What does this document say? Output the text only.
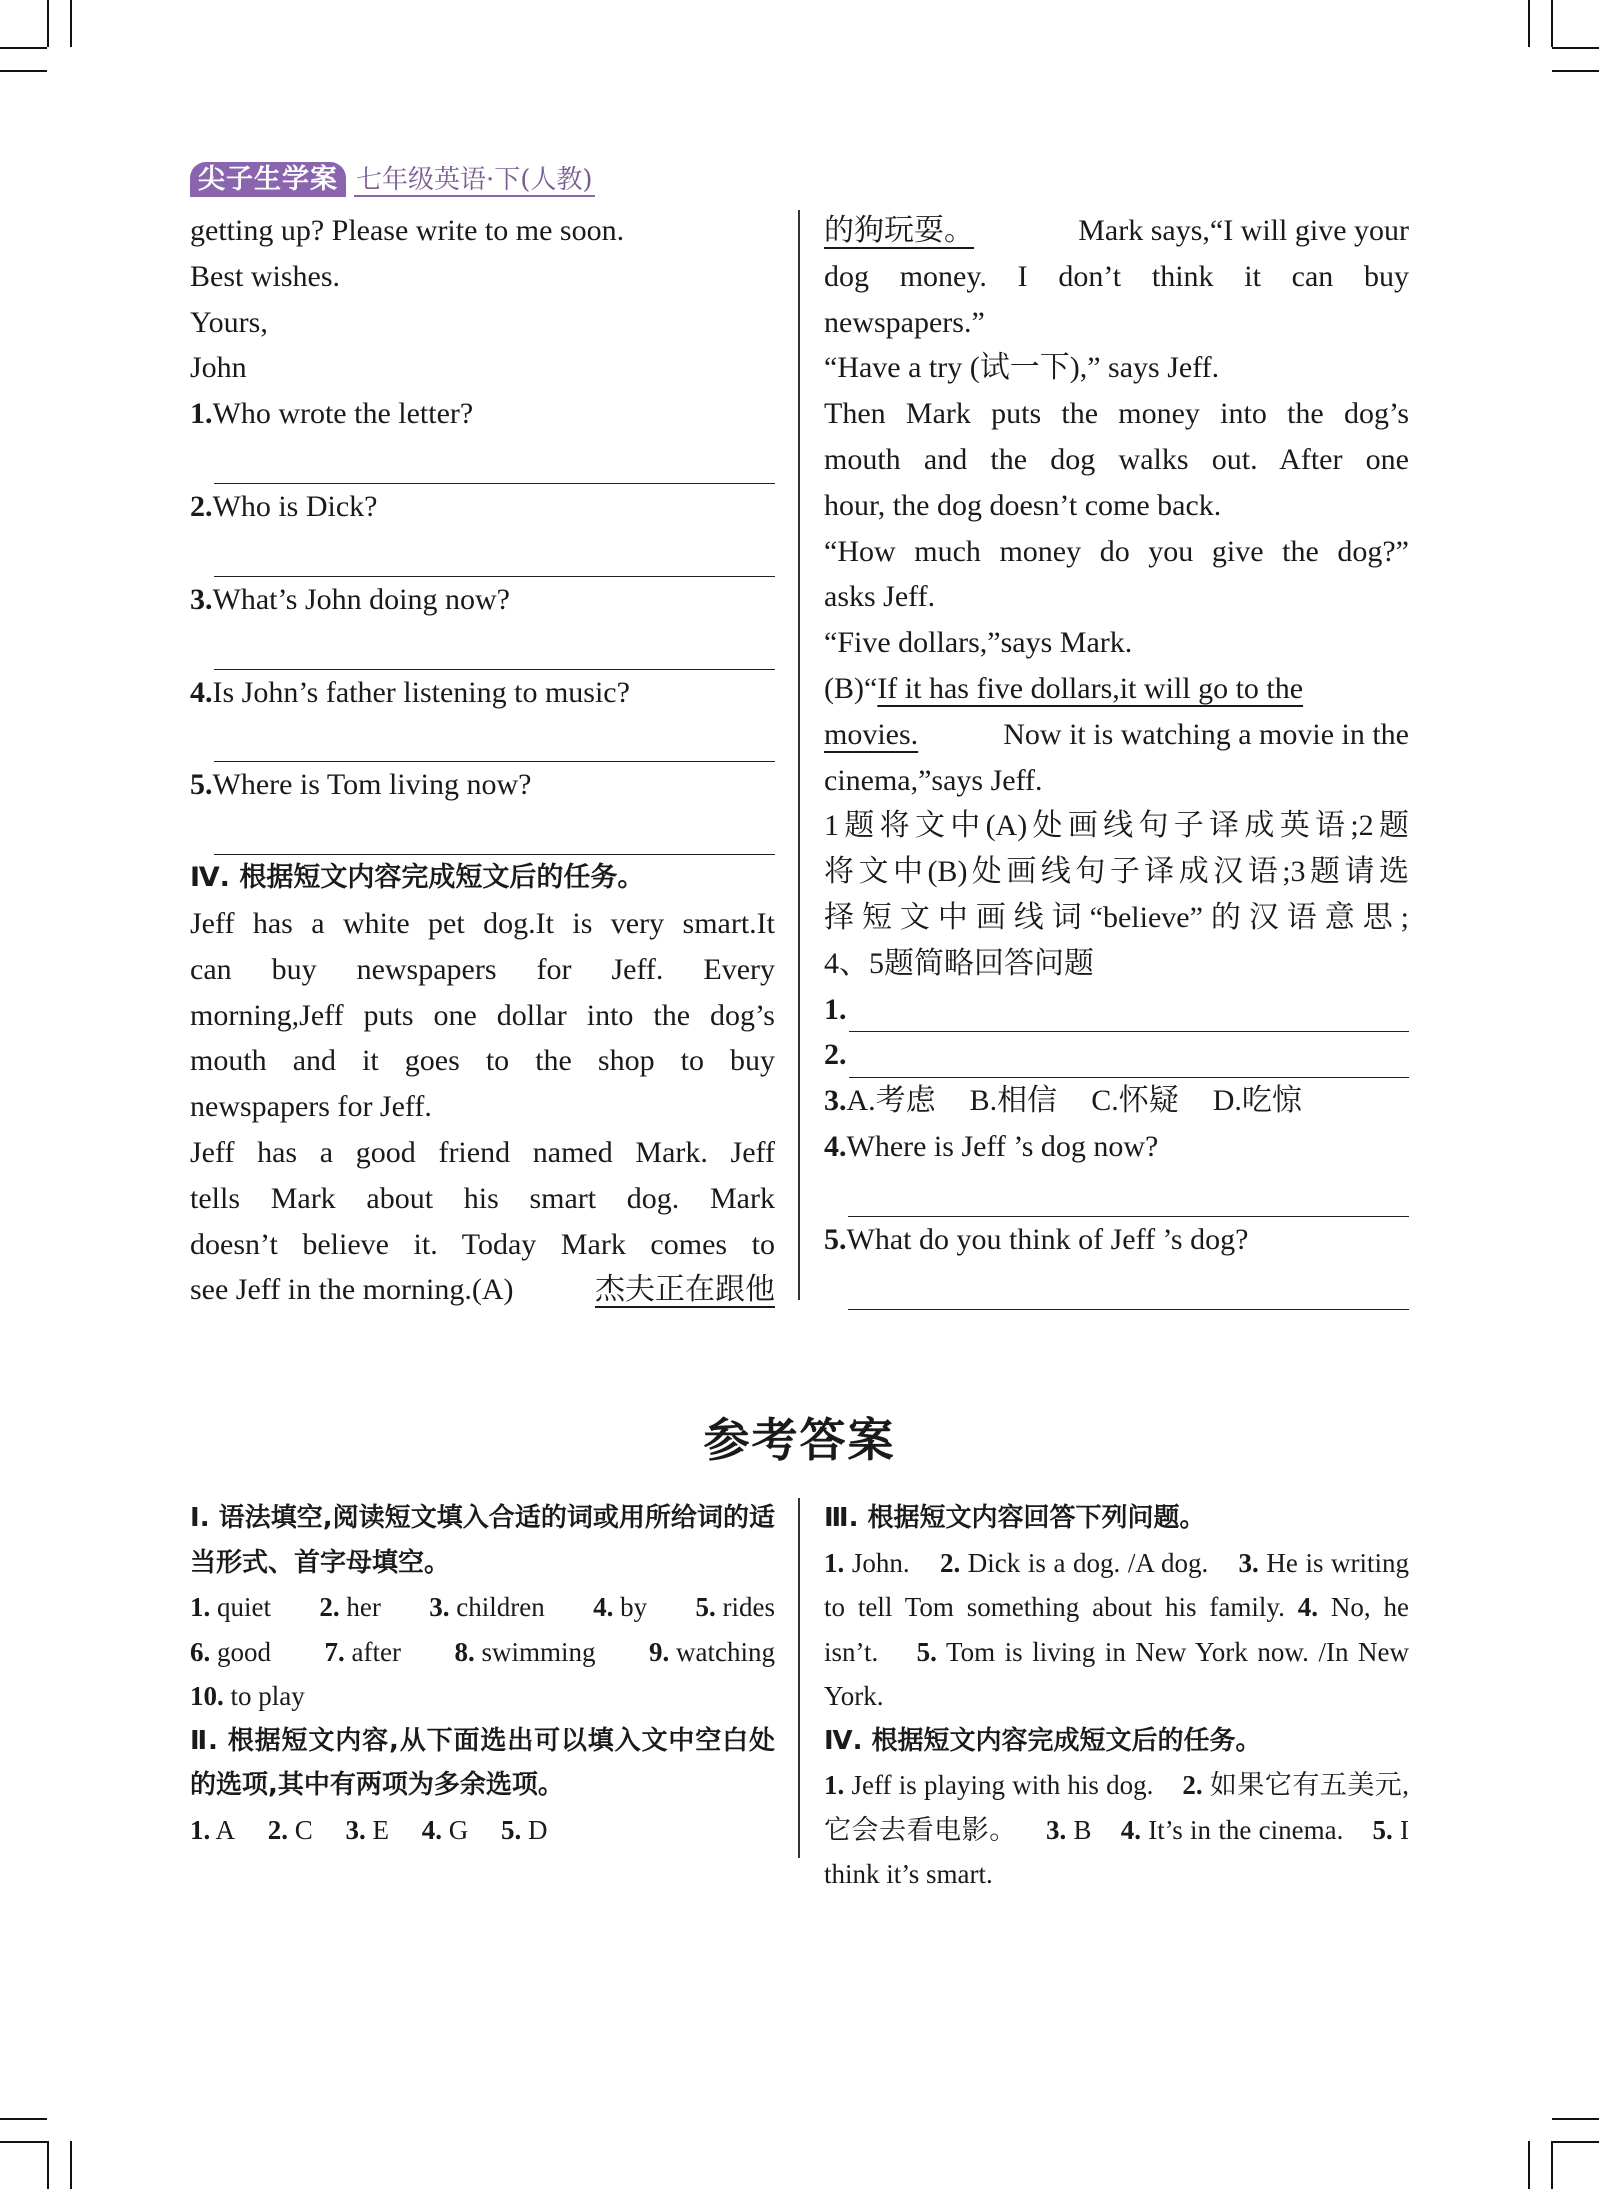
尖子生学案 七年级英语·下(人教)
getting up? Please write to me soon.
Best wishes.
Yours,
John
1.Who wrote the letter?
2.Who is Dick?
3.What’s John doing now?
4.Is John’s father listening to music?
5.Where is Tom living now?
Ⅳ. 根据短文内容完成短文后的任务。
Jeff has a white pet dog.It is very smart.It
can buy newspapers for Jeff. Every
morning,Jeff puts one dollar into the dog’s
mouth and it goes to the shop to buy
newspapers for Jeff.
Jeff has a good friend named Mark. Jeff
tells Mark about his smart dog. Mark
doesn’t believe it. Today Mark comes to
see Jeff in the morning.(A)	杰夫正在跟他
的狗玩耍。	Mark says,“I will give your
dog money. I don’t think it can buy
newspapers.”
“Have a try (试一下),” says Jeff.
Then Mark puts the money into the dog’s
mouth and the dog walks out. After one
hour, the dog doesn’t come back.
“How much money do you give the dog?”
asks Jeff.
“Five dollars,”says Mark.
(B)“If it has five dollars,it will go to the
movies.	Now it is watching a movie in the
cinema,”says Jeff.
1题将文中(A)处画线句子译成英语;2题
将文中(B)处画线句子译成汉语;3题请选
择短文中画线词“believe”的汉语意思;
4、5题简略回答问题
1.
2.
3.A.考虑 B.相信 C.怀疑 D.吃惊
4.Where is Jeff ’s dog now?
5.What do you think of Jeff ’s dog?
参考答案
Ⅰ. 语法填空,阅读短文填入合适的词或用所给词的适当形式、首字母填空。
1. quiet 2. her 3. children 4. by 5. rides
6. good 7. after 8. swimming 9. watching
10. to play
Ⅱ. 根据短文内容,从下面选出可以填入文中空白处的选项,其中有两项为多余选项。
1. A 2. C 3. E 4. G 5. D
Ⅲ. 根据短文内容回答下列问题。
1. John. 2. Dick is a dog. /A dog. 3. He is writing to tell Tom something about his family. 4. No, he isn’t. 5. Tom is living in New York now. /In New York.
Ⅳ. 根据短文内容完成短文后的任务。
1. Jeff is playing with his dog. 2. 如果它有五美元,它会去看电影。 3. B 4. It’s in the cinema. 5. I think it’s smart.
